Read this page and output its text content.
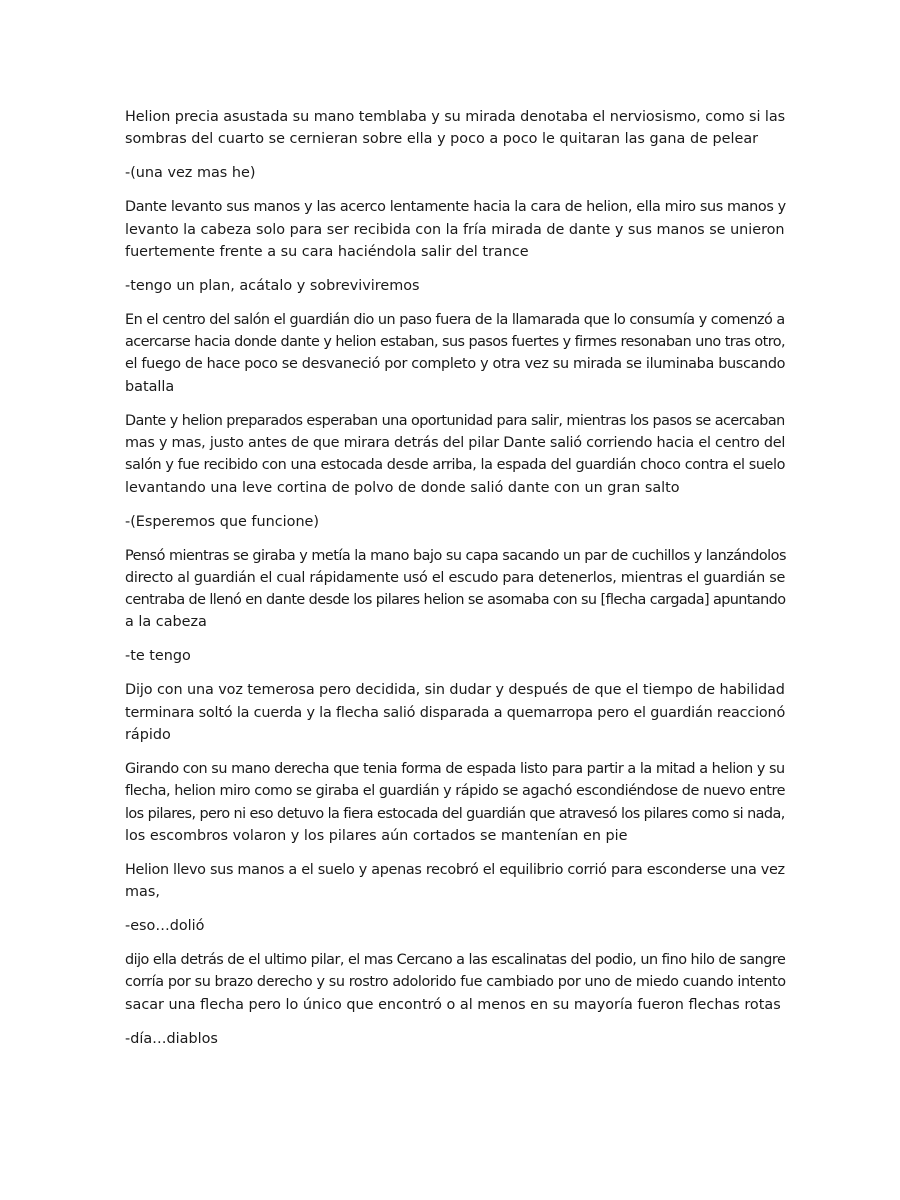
Helion precia asustada su mano temblaba y su mirada denotaba el nerviosismo, como si las
sombras del cuarto se cernieran sobre ella y poco a poco le quitaran las gana de pelear

-(una vez mas he)

Dante levanto sus manos y las acerco lentamente hacia la cara de helion, ella miro sus manos y
levanto la cabeza solo para ser recibida con la fría mirada de dante y sus manos se unieron
fuertemente frente a su cara haciéndola salir del trance

-tengo un plan, acátalo y sobreviviremos

En el centro del salón el guardián dio un paso fuera de la llamarada que lo consumía y comenzó a
acercarse hacia donde dante y helion estaban, sus pasos fuertes y firmes resonaban uno tras otro,
el fuego de hace poco se desvaneció por completo y otra vez su mirada se iluminaba buscando
batalla

Dante y helion preparados esperaban una oportunidad para salir, mientras los pasos se acercaban
mas y mas, justo antes de que mirara detrás del pilar Dante salió corriendo hacia el centro del
salón y fue recibido con una estocada desde arriba, la espada del guardián choco contra el suelo
levantando una leve cortina de polvo de donde salió dante con un gran salto

-(Esperemos que funcione)

Pensó mientras se giraba y metía la mano bajo su capa sacando un par de cuchillos y lanzándolos
directo al guardián el cual rápidamente usó el escudo para detenerlos, mientras el guardián se
centraba de llenó en dante desde los pilares helion se asomaba con su [flecha cargada] apuntando
a la cabeza

-te tengo

Dijo con una voz temerosa pero decidida, sin dudar y después de que el tiempo de habilidad
terminara soltó la cuerda y la flecha salió disparada a quemarropa pero el guardián reaccionó
rápido

Girando con su mano derecha que tenia forma de espada listo para partir a la mitad a helion y su
flecha, helion miro como se giraba el guardián y rápido se agachó escondiéndose de nuevo entre
los pilares, pero ni eso detuvo la fiera estocada del guardián que atravesó los pilares como si nada,
los escombros volaron y los pilares aún cortados se mantenían en pie

Helion llevo sus manos a el suelo y apenas recobró el equilibrio corrió para esconderse una vez
mas,

-eso…dolió

dijo ella detrás de el ultimo pilar, el mas Cercano a las escalinatas del podio, un fino hilo de sangre
corría por su brazo derecho y su rostro adolorido fue cambiado por uno de miedo cuando intento
sacar una flecha pero lo único que encontró o al menos en su mayoría fueron flechas rotas

-día…diablos
